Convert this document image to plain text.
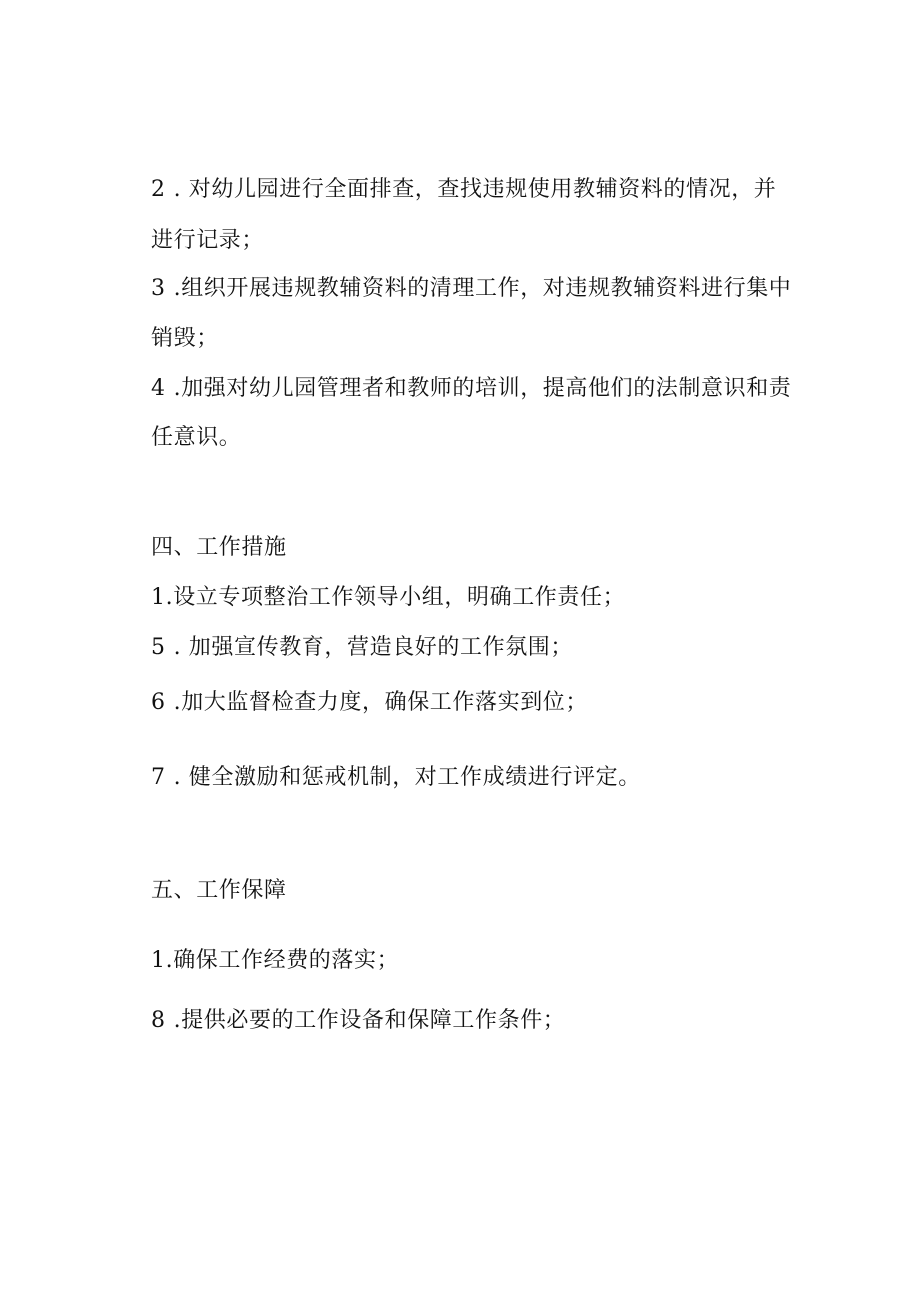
2 . 对幼儿园进行全面排查，查找违规使用教辅资料的情况，并
进行记录；
3 .组织开展违规教辅资料的清理工作，对违规教辅资料进行集中
销毁；
4 .加强对幼儿园管理者和教师的培训，提高他们的法制意识和责
任意识。
四、工作措施
1.设立专项整治工作领导小组，明确工作责任；
5 . 加强宣传教育，营造良好的工作氛围；
6 .加大监督检查力度，确保工作落实到位；
7 . 健全激励和惩戒机制，对工作成绩进行评定。
五、工作保障
1.确保工作经费的落实；
8 .提供必要的工作设备和保障工作条件；
